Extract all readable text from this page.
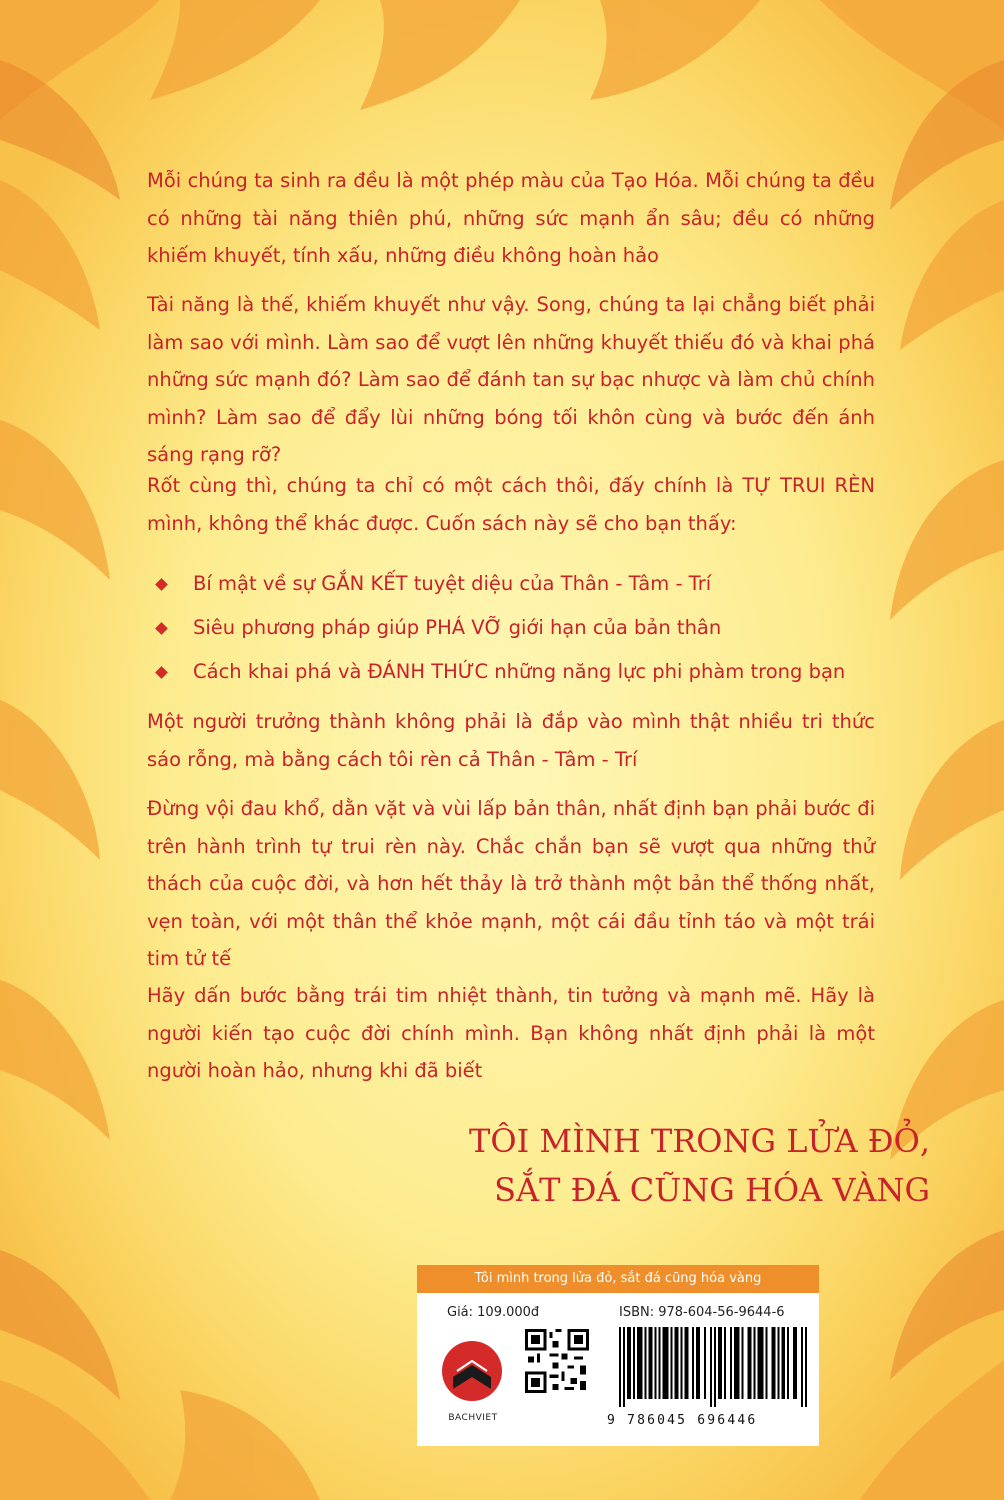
Mỗi chúng ta sinh ra đều là một phép màu của Tạo Hóa. Mỗi chúng ta đều có những tài năng thiên phú, những sức mạnh ẩn sâu; đều có những khiếm khuyết, tính xấu, những điều không hoàn hảo

Tài năng là thế, khiếm khuyết như vậy. Song, chúng ta lại chẳng biết phải làm sao với mình. Làm sao để vượt lên những khuyết thiếu đó và khai phá những sức mạnh đó? Làm sao để đánh tan sự bạc nhược và làm chủ chính mình? Làm sao để đẩy lùi những bóng tối khôn cùng và bước đến ánh sáng rạng rỡ?

Rốt cùng thì, chúng ta chỉ có một cách thôi, đấy chính là TỰ TRUI RÈN mình, không thể khác được. Cuốn sách này sẽ cho bạn thấy:

Bí mật về sự GẮN KẾT tuyệt diệu của Thân - Tâm - Trí
Siêu phương pháp giúp PHÁ VỠ giới hạn của bản thân
Cách khai phá và ĐÁNH THỨC những năng lực phi phàm trong bạn

Một người trưởng thành không phải là đắp vào mình thật nhiều tri thức sáo rỗng, mà bằng cách tôi rèn cả Thân - Tâm - Trí

Đừng vội đau khổ, dằn vặt và vùi lấp bản thân, nhất định bạn phải bước đi trên hành trình tự trui rèn này. Chắc chắn bạn sẽ vượt qua những thử thách của cuộc đời, và hơn hết thảy là trở thành một bản thể thống nhất, vẹn toàn, với một thân thể khỏe mạnh, một cái đầu tỉnh táo và một trái tim tử tế

Hãy dấn bước bằng trái tim nhiệt thành, tin tưởng và mạnh mẽ. Hãy là người kiến tạo cuộc đời chính mình. Bạn không nhất định phải là một người hoàn hảo, nhưng khi đã biết

TÔI MÌNH TRONG LỬA ĐỎ,
SẮT ĐÁ CŨNG HÓA VÀNG
Tôi mình trong lửa đỏ, sắt đá cũng hóa vàng
Giá: 109.000đ	ISBN: 978-604-56-9644-6
BACHVIET	9 786045 696446
